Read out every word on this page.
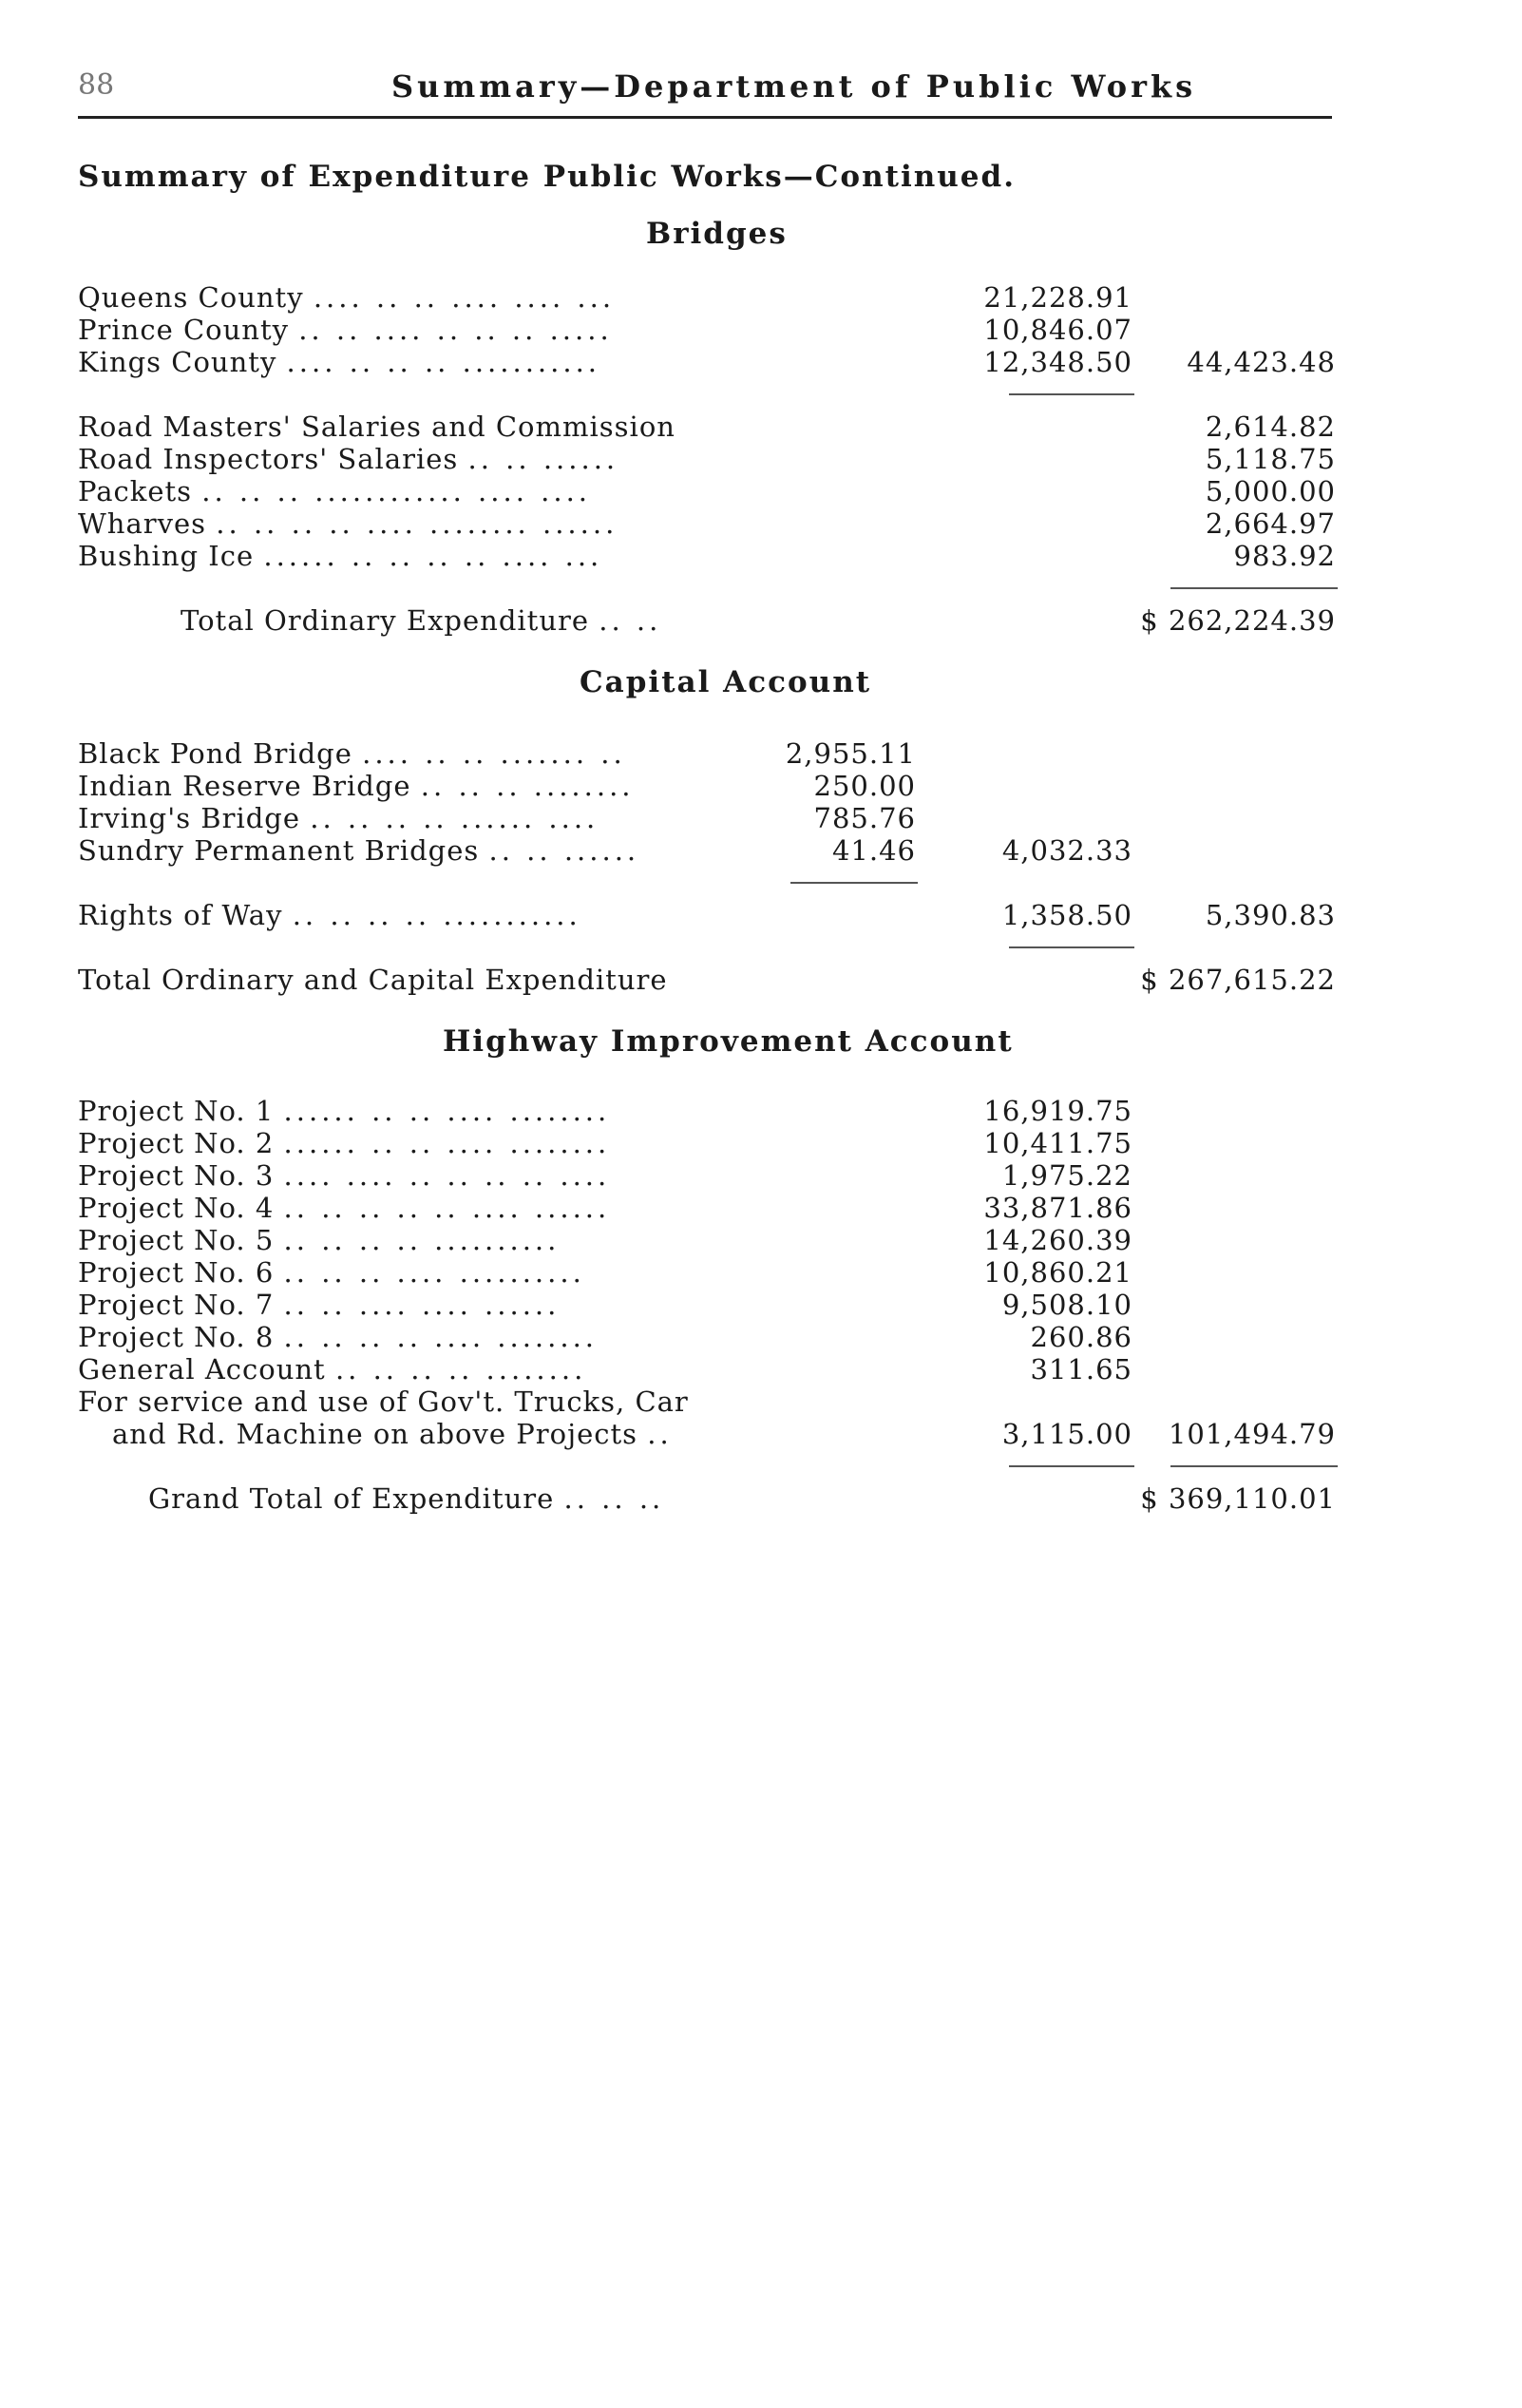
88	Summary—Department of Public Works
Summary of Expenditure Public Works—Continued.
Bridges
Queens County .... .. .. .... .... ...	21,228.91
Prince County .. .. .... .. .. .. .....	10,846.07
Kings County .... .. .. .. ...........	12,348.50 44,423.48
Road Masters' Salaries and Commission	2,614.82
Road Inspectors' Salaries .. .. ......	5,118.75
Packets .. .. .. ............ .... ....	5,000.00
Wharves .. .. .. .. .... ........ ......	2,664.97
Bushing Ice ...... .. .. .. .. .... ...	983.92
Total Ordinary Expenditure .. ..	$ 262,224.39
Capital Account
Black Pond Bridge .... .. .. ....... ..	2,955.11
Indian Reserve Bridge .. .. .. ........	250.00
Irving's Bridge .. .. .. .. ...... ....	785.76
Sundry Permanent Bridges .. .. ......	41.46	4,032.33
Rights of Way .. .. .. .. ...........	1,358.50	5,390.83
Total Ordinary and Capital Expenditure	$ 267,615.22
Highway Improvement Account
Project No. 1 ...... .. .. .... ........	16,919.75
Project No. 2 ...... .. .. .... ........	10,411.75
Project No. 3 .... .... .. .. .. .. ....	1,975.22
Project No. 4 .. .. .. .. .. .... ......	33,871.86
Project No. 5 .. .. .. .. ..........	14,260.39
Project No. 6 .. .. .. .... ..........	10,860.21
Project No. 7 .. .. .... .... ......	9,508.10
Project No. 8 .. .. .. .. .... ........	260.86
General Account .. .. .. .. ........	311.65
For service and use of Gov't. Trucks, Car
and Rd. Machine on above Projects ..	3,115.00 101,494.79
Grand Total of Expenditure .. .. ..	$ 369,110.01
